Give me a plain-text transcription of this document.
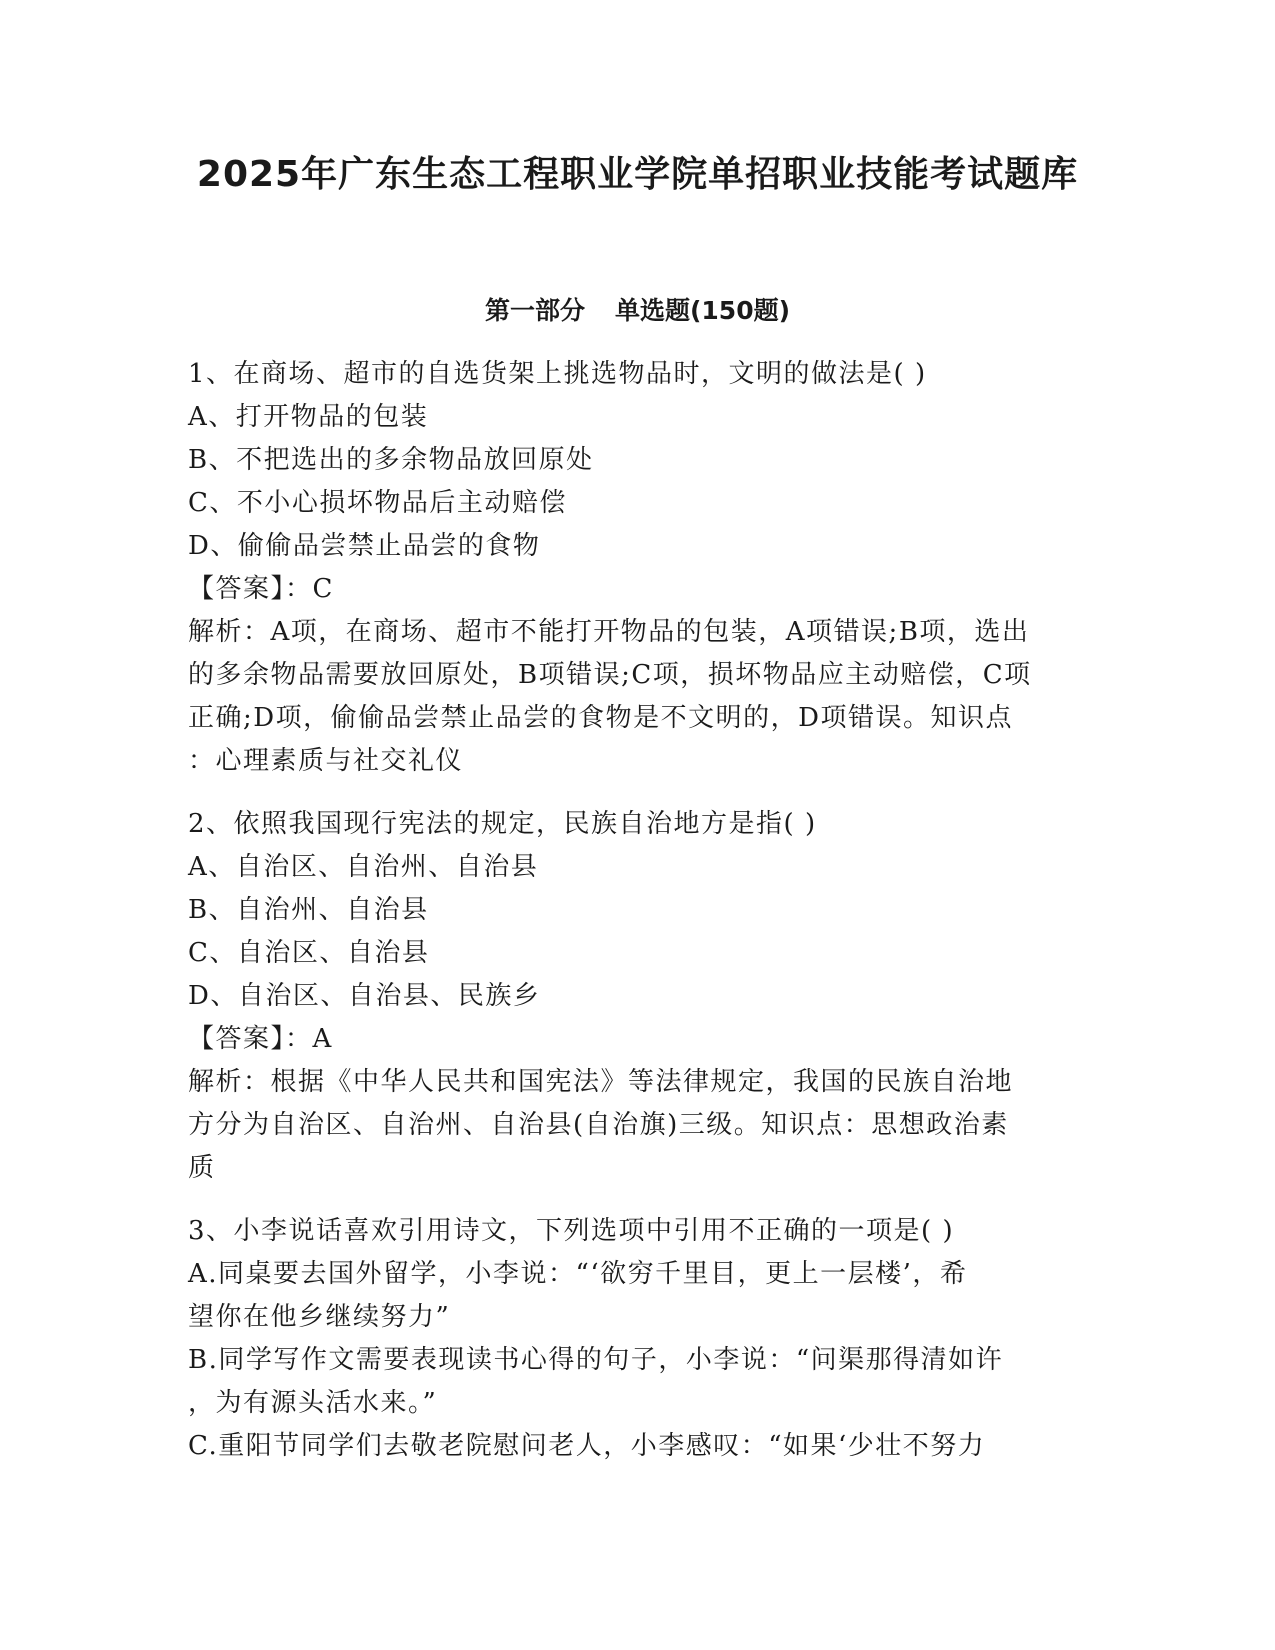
2025年广东生态工程职业学院单招职业技能考试题库
第一部分 单选题(150题)

1、在商场、超市的自选货架上挑选物品时，文明的做法是( )

A、打开物品的包装

B、不把选出的多余物品放回原处

C、不小心损坏物品后主动赔偿

D、偷偷品尝禁止品尝的食物

【答案】：C

解析：A项，在商场、超市不能打开物品的包装，A项错误;B项，选出

的多余物品需要放回原处，B项错误;C项，损坏物品应主动赔偿，C项

正确;D项，偷偷品尝禁止品尝的食物是不文明的，D项错误。知识点

：心理素质与社交礼仪

2、依照我国现行宪法的规定，民族自治地方是指( )

A、自治区、自治州、自治县

B、自治州、自治县

C、自治区、自治县

D、自治区、自治县、民族乡

【答案】：A

解析：根据《中华人民共和国宪法》等法律规定，我国的民族自治地

方分为自治区、自治州、自治县(自治旗)三级。知识点：思想政治素

质

3、小李说话喜欢引用诗文，下列选项中引用不正确的一项是( )

A.同桌要去国外留学，小李说：“‘欲穷千里目，更上一层楼’，希

望你在他乡继续努力”

B.同学写作文需要表现读书心得的句子，小李说：“问渠那得清如许

，为有源头活水来。”

C.重阳节同学们去敬老院慰问老人，小李感叹：“如果‘少壮不努力
